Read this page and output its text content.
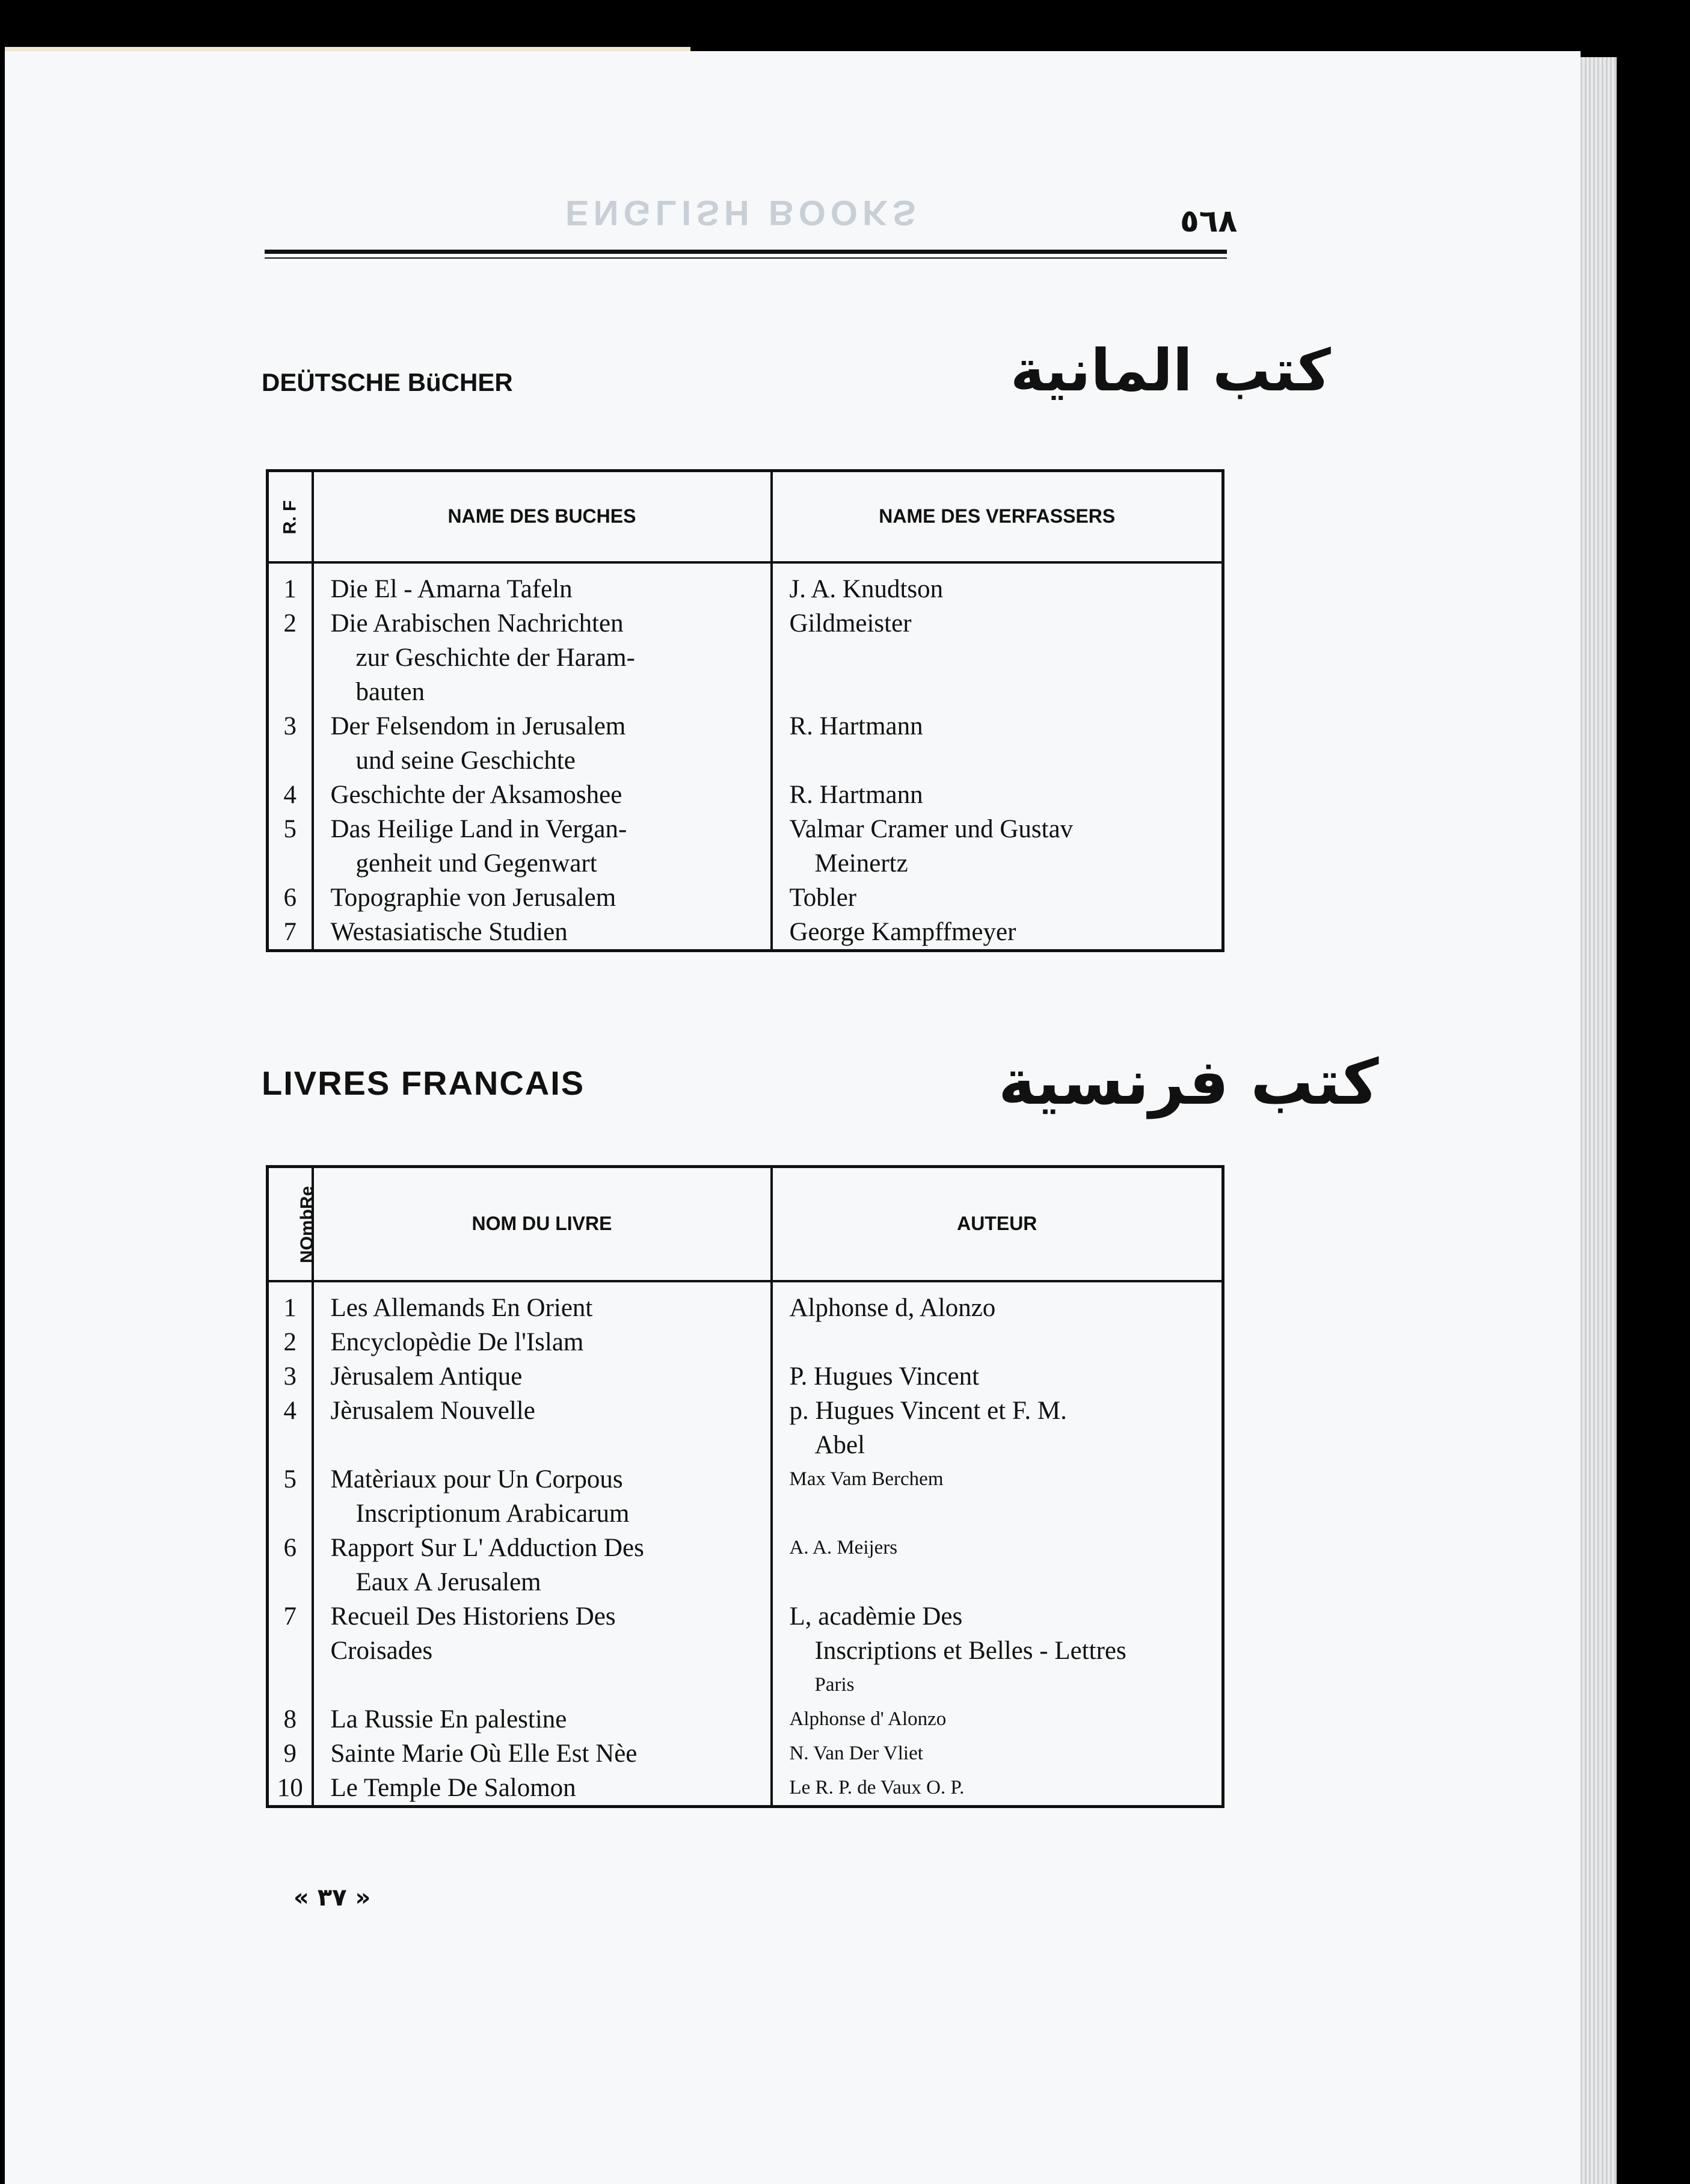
ENGLISH BOOKS	٥٦٨
DEÜTSCHE BüCHER	كتب المانية
R. F	NAME DES BUCHES	NAME DES VERFASSERS

1	Die El - Amarna Tafeln	J. A. Knudtson

2	Die Arabischen Nachrichten
zur Geschichte der Haram-
bauten	Gildmeister

3	Der Felsendom in Jerusalem
und seine Geschichte	R. Hartmann

4	Geschichte der Aksamoshee	R. Hartmann

5	Das Heilige Land in Vergan-
genheit und Gegenwart	Valmar Cramer und Gustav
Meinertz

6	Topographie von Jerusalem	Tobler

7	Westasiatische Studien	George Kampffmeyer
LIVRES FRANCAIS	كتب فرنسية
NOmbRe	NOM DU LIVRE	AUTEUR

1	Les Allemands En Orient	Alphonse d, Alonzo

2	Encyclopèdie De l'Islam	

3	Jèrusalem Antique	P. Hugues Vincent

4	Jèrusalem Nouvelle	p. Hugues Vincent et F. M.
Abel

5	Matèriaux pour Un Corpous
Inscriptionum Arabicarum	Max Vam Berchem

6	Rapport Sur L' Adduction Des
Eaux A Jerusalem	A. A. Meijers

7	Recueil Des Historiens Des
Croisades	L, acadèmie Des
Inscriptions et Belles - Lettres
Paris

8	La Russie En palestine	Alphonse d' Alonzo

9	Sainte Marie Où Elle Est Nèe	N. Van Der Vliet

10	Le Temple De Salomon	Le R. P. de Vaux O. P.
« ٣٧ »
